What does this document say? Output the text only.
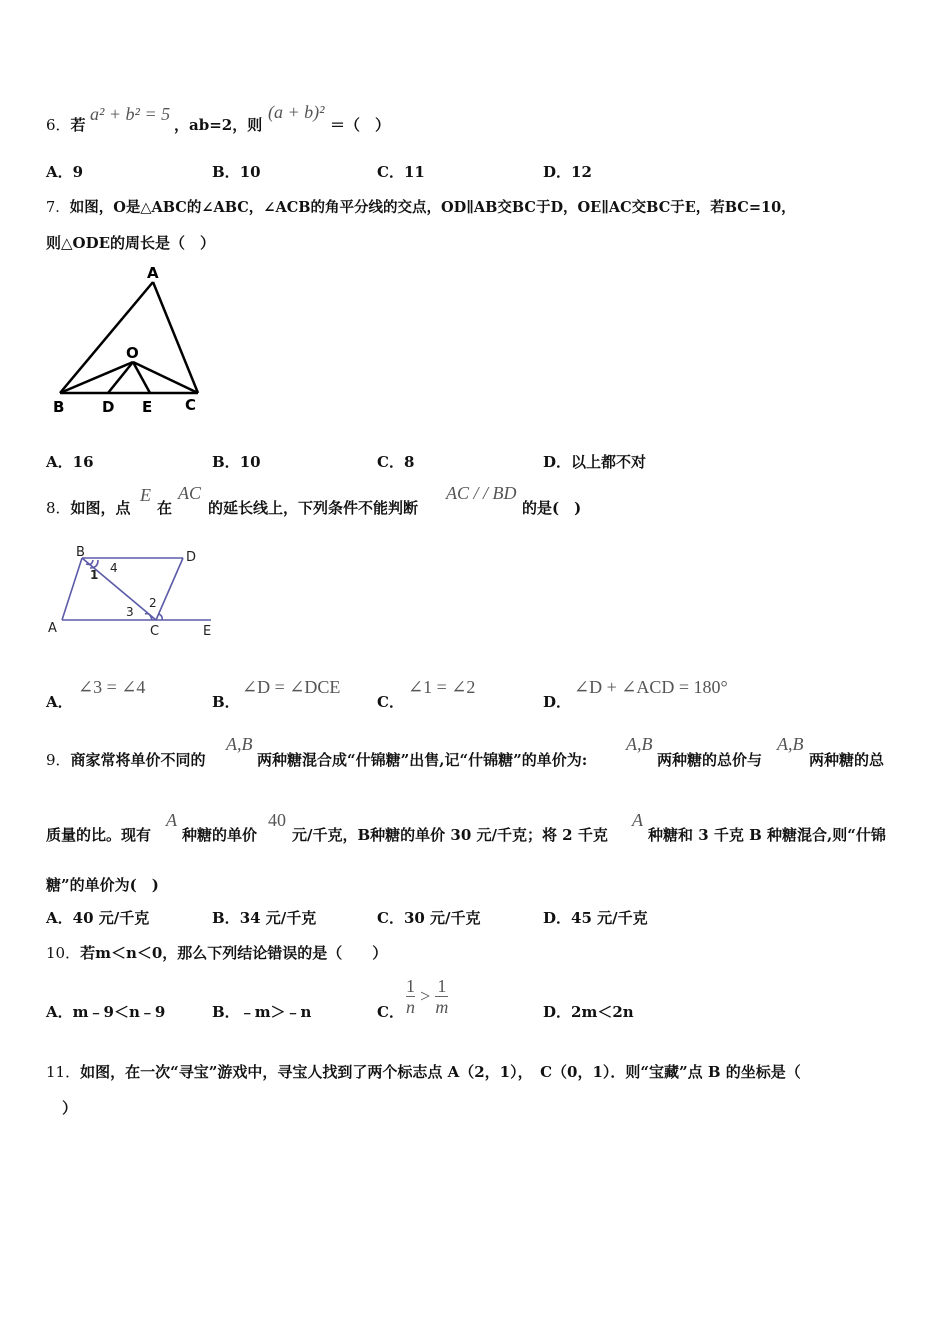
6．若
a² + b² = 5
，ab=2，则
(a + b)²
＝（　）
A．9	B．10	C．11	D．12
7．如图，O是△ABC的∠ABC，∠ACB的角平分线的交点，OD∥AB交BC于D，OE∥AC交BC于E，若BC=10，
则△ODE的周长是（　）
A
O
B	D E C
A．16	B．10	C．8	D．以上都不对
8．如图，点
E
在
AC
的延长线上，下列条件不能判断
AC / / BD
的是(　)
B	D
A	C	E
1 4
2
3
A．
∠3 = ∠4
B．
∠D = ∠DCE
C．
∠1 = ∠2
D．
∠D + ∠ACD = 180°
9．商家常将单价不同的
A,B
两种糖混合成“什锦糖”出售,记“什锦糖”的单价为:
A,B
两种糖的总价与
A,B
两种糖的总
质量的比。现有
A
种糖的单价
40
元/千克，B种糖的单价 30 元/千克；将 2 千克
A
种糖和 3 千克 B 种糖混合,则“什锦
糖”的单价为(　)
A．40 元/千克	B．34 元/千克	C．30 元/千克	D．45 元/千克
10．若m＜n＜0，那么下列结论错误的是（　　）
A．m﹣9＜n﹣9	B．﹣m＞﹣n	C． $\frac{1}{n} > \frac{1}{m}$	D．2m＜2n
11．如图，在一次“寻宝”游戏中，寻宝人找到了两个标志点 A（2，1），　C（0，1）．则“宝藏”点 B 的坐标是（
）
